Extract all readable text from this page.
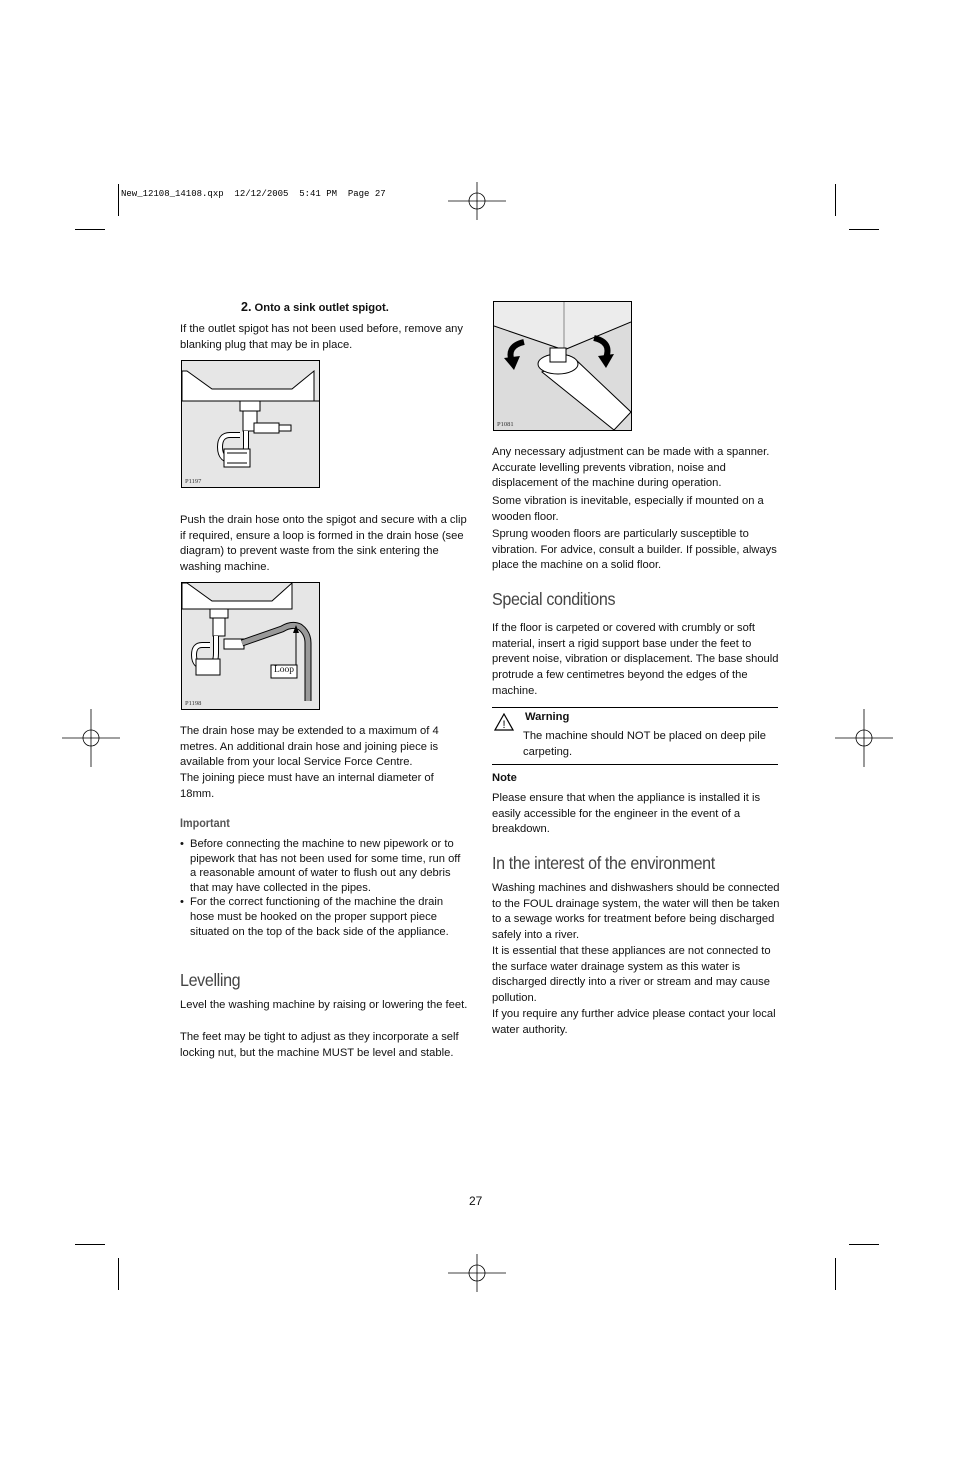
New_12108_14108.qxp  12/12/2005  5:41 PM  Page 27
2. Onto a sink outlet spigot.

If the outlet spigot has not been used before, remove any blanking plug that may be in place.

P1197

Push the drain hose onto the spigot and secure with a clip if required, ensure a loop is formed in the drain hose (see diagram) to prevent waste from the sink entering the washing machine.

Loop
P1198

The drain hose may be extended to a maximum of 4 metres. An additional drain hose and joining piece is available from your local Service Force Centre.

The joining piece must have an internal diameter of 18mm.

Important
• Before connecting the machine to new pipework or to pipework that has not been used for some time, run off a reasonable amount of water to flush out any debris that may have collected in the pipes.
• For the correct functioning of the machine the drain hose must be hooked on the proper support piece situated on the top of the back side of the appliance.
Levelling

Level the washing machine by raising or lowering the feet.

The feet may be tight to adjust as they incorporate a self locking nut, but the machine MUST be level and stable.

P1081

Any necessary adjustment can be made with a spanner. Accurate levelling prevents vibration, noise and displacement of the machine during operation.

Some vibration is inevitable, especially if mounted on a wooden floor.

Sprung wooden floors are particularly susceptible to vibration. For advice, consult a builder. If possible, always place the machine on a solid floor.

Special conditions

If the floor is carpeted or covered with crumbly or soft material, insert a rigid support base under the feet to prevent noise, vibration or displacement. The base should protrude a few centimetres beyond the edges of the machine.

!
Warning

The machine should NOT be placed on deep pile carpeting.

Note

Please ensure that when the appliance is installed it is easily accessible for the engineer in the event of a breakdown.

In the interest of the environment

Washing machines and dishwashers should be connected to the FOUL drainage system, the water will then be taken to a sewage works for treatment before being discharged safely into a river.

It is essential that these appliances are not connected to the surface water drainage system as this water is discharged directly into a river or stream and may cause pollution.

If you require any further advice please contact your local water authority.

27
